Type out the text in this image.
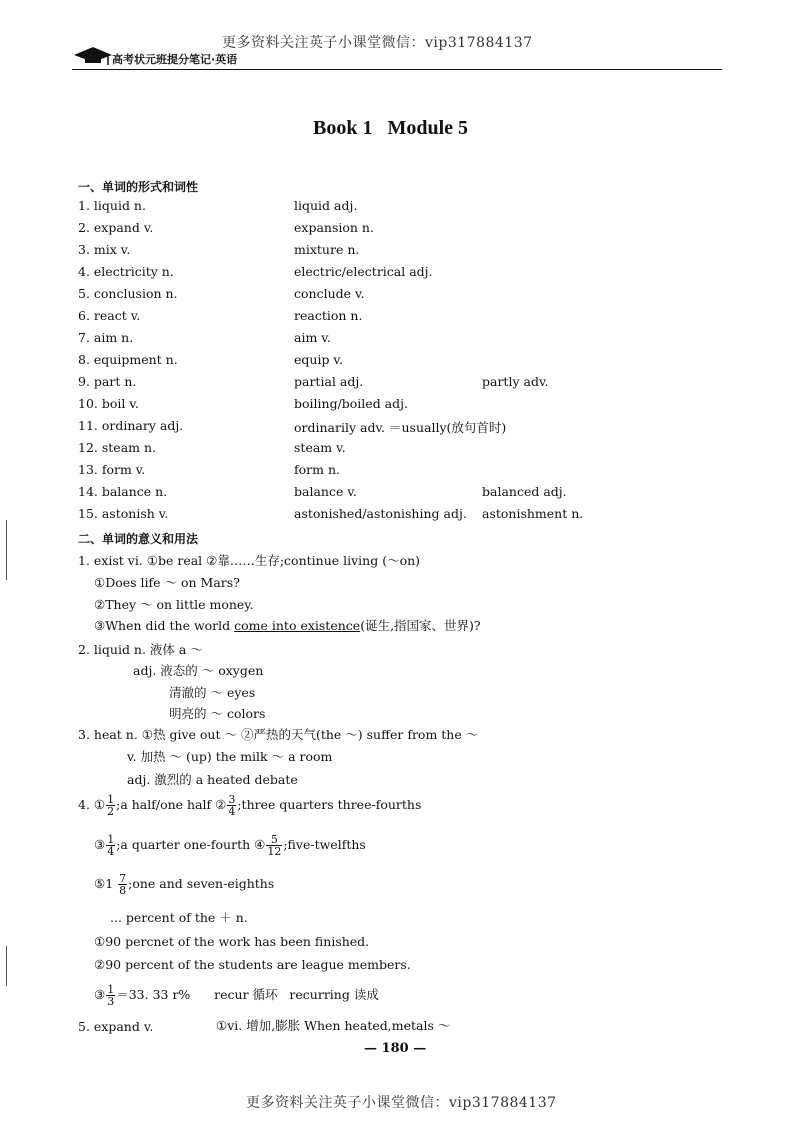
更多资料关注英子小课堂微信：vip317884137
高考状元班提分笔记·英语
Book 1   Module 5
一、单词的形式和词性
1. liquid n.	liquid adj.
2. expand v.	expansion n.
3. mix v.	mixture n.
4. electricity n.	electric/electrical adj.
5. conclusion n.	conclude v.
6. react v.	reaction n.
7. aim n.	aim v.
8. equipment n.	equip v.
9. part n.	partial adj.	partly adv.
10. boil v.	boiling/boiled adj.
11. ordinary adj.	ordinarily adv. ＝usually(放句首时)
12. steam n.	steam v.
13. form v.	form n.
14. balance n.	balance v.	balanced adj.
15. astonish v.	astonished/astonishing adj. astonishment n.
二、单词的意义和用法
1. exist vi. ①be real ②靠……生存;continue living (～on)
①Does life ～ on Mars?
②They ～ on little money.
③When did the world come into existence(诞生,指国家、世界)?
2. liquid n. 液体 a ～
adj. 液态的 ～ oxygen
清澈的 ～ eyes
明亮的 ～ colors
3. heat n. ①热 give out ～ ②严热的天气(the ～) suffer from the ～
v. 加热 ～ (up) the milk ～ a room
adj. 激烈的 a heated debate
4. ① $\frac{1}{2}$ ;a half/one half ② $\frac{3}{4}$ ;three quarters three-fourths
③ $\frac{1}{4}$ ;a quarter one-fourth ④ $\frac{5}{12}$ ;five-twelfths
⑤1 $\frac{7}{8}$ ;one and seven-eighths
... percent of the ＋ n.
①90 percnet of the work has been finished.
②90 percent of the students are league members.
③ $\frac{1}{3} =33$. 33 r%      recur 循环   recurring 读成
5. expand v.	①vi. 增加,膨胀 When heated,metals ～
— 180 —
更多资料关注英子小课堂微信：vip317884137
